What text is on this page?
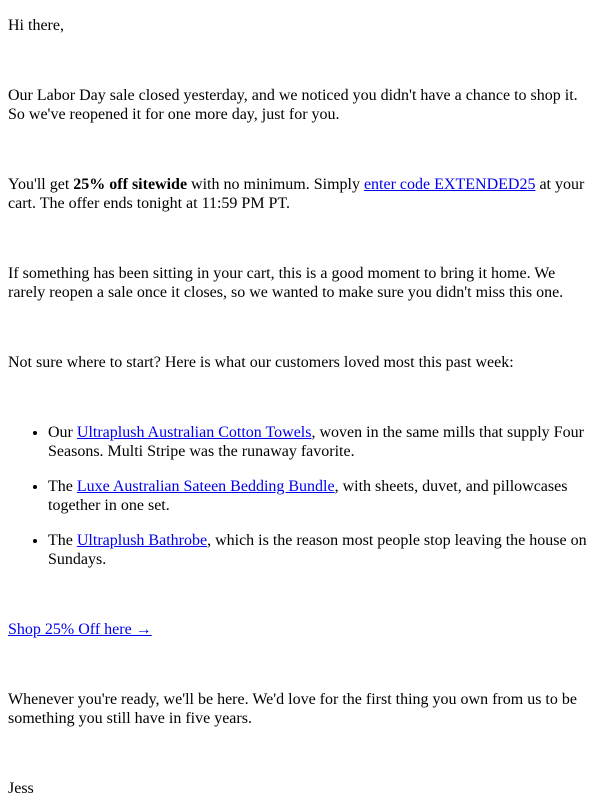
Hi there,

Our Labor Day sale closed yesterday, and we noticed you didn't have a chance to shop it. So we've reopened it for one more day, just for you.

You'll get 25% off sitewide with no minimum. Simply enter code EXTENDED25 at your cart. The offer ends tonight at 11:59 PM PT.

If something has been sitting in your cart, this is a good moment to bring it home. We rarely reopen a sale once it closes, so we wanted to make sure you didn't miss this one.

Not sure where to start? Here is what our customers loved most this past week:

• Our Ultraplush Australian Cotton Towels, woven in the same mills that supply Four Seasons. Multi Stripe was the runaway favorite.
• The Luxe Australian Sateen Bedding Bundle, with sheets, duvet, and pillowcases together in one set.
• The Ultraplush Bathrobe, which is the reason most people stop leaving the house on Sundays.

Shop 25% Off here →

Whenever you're ready, we'll be here. We'd love for the first thing you own from us to be something you still have in five years.

Jess
